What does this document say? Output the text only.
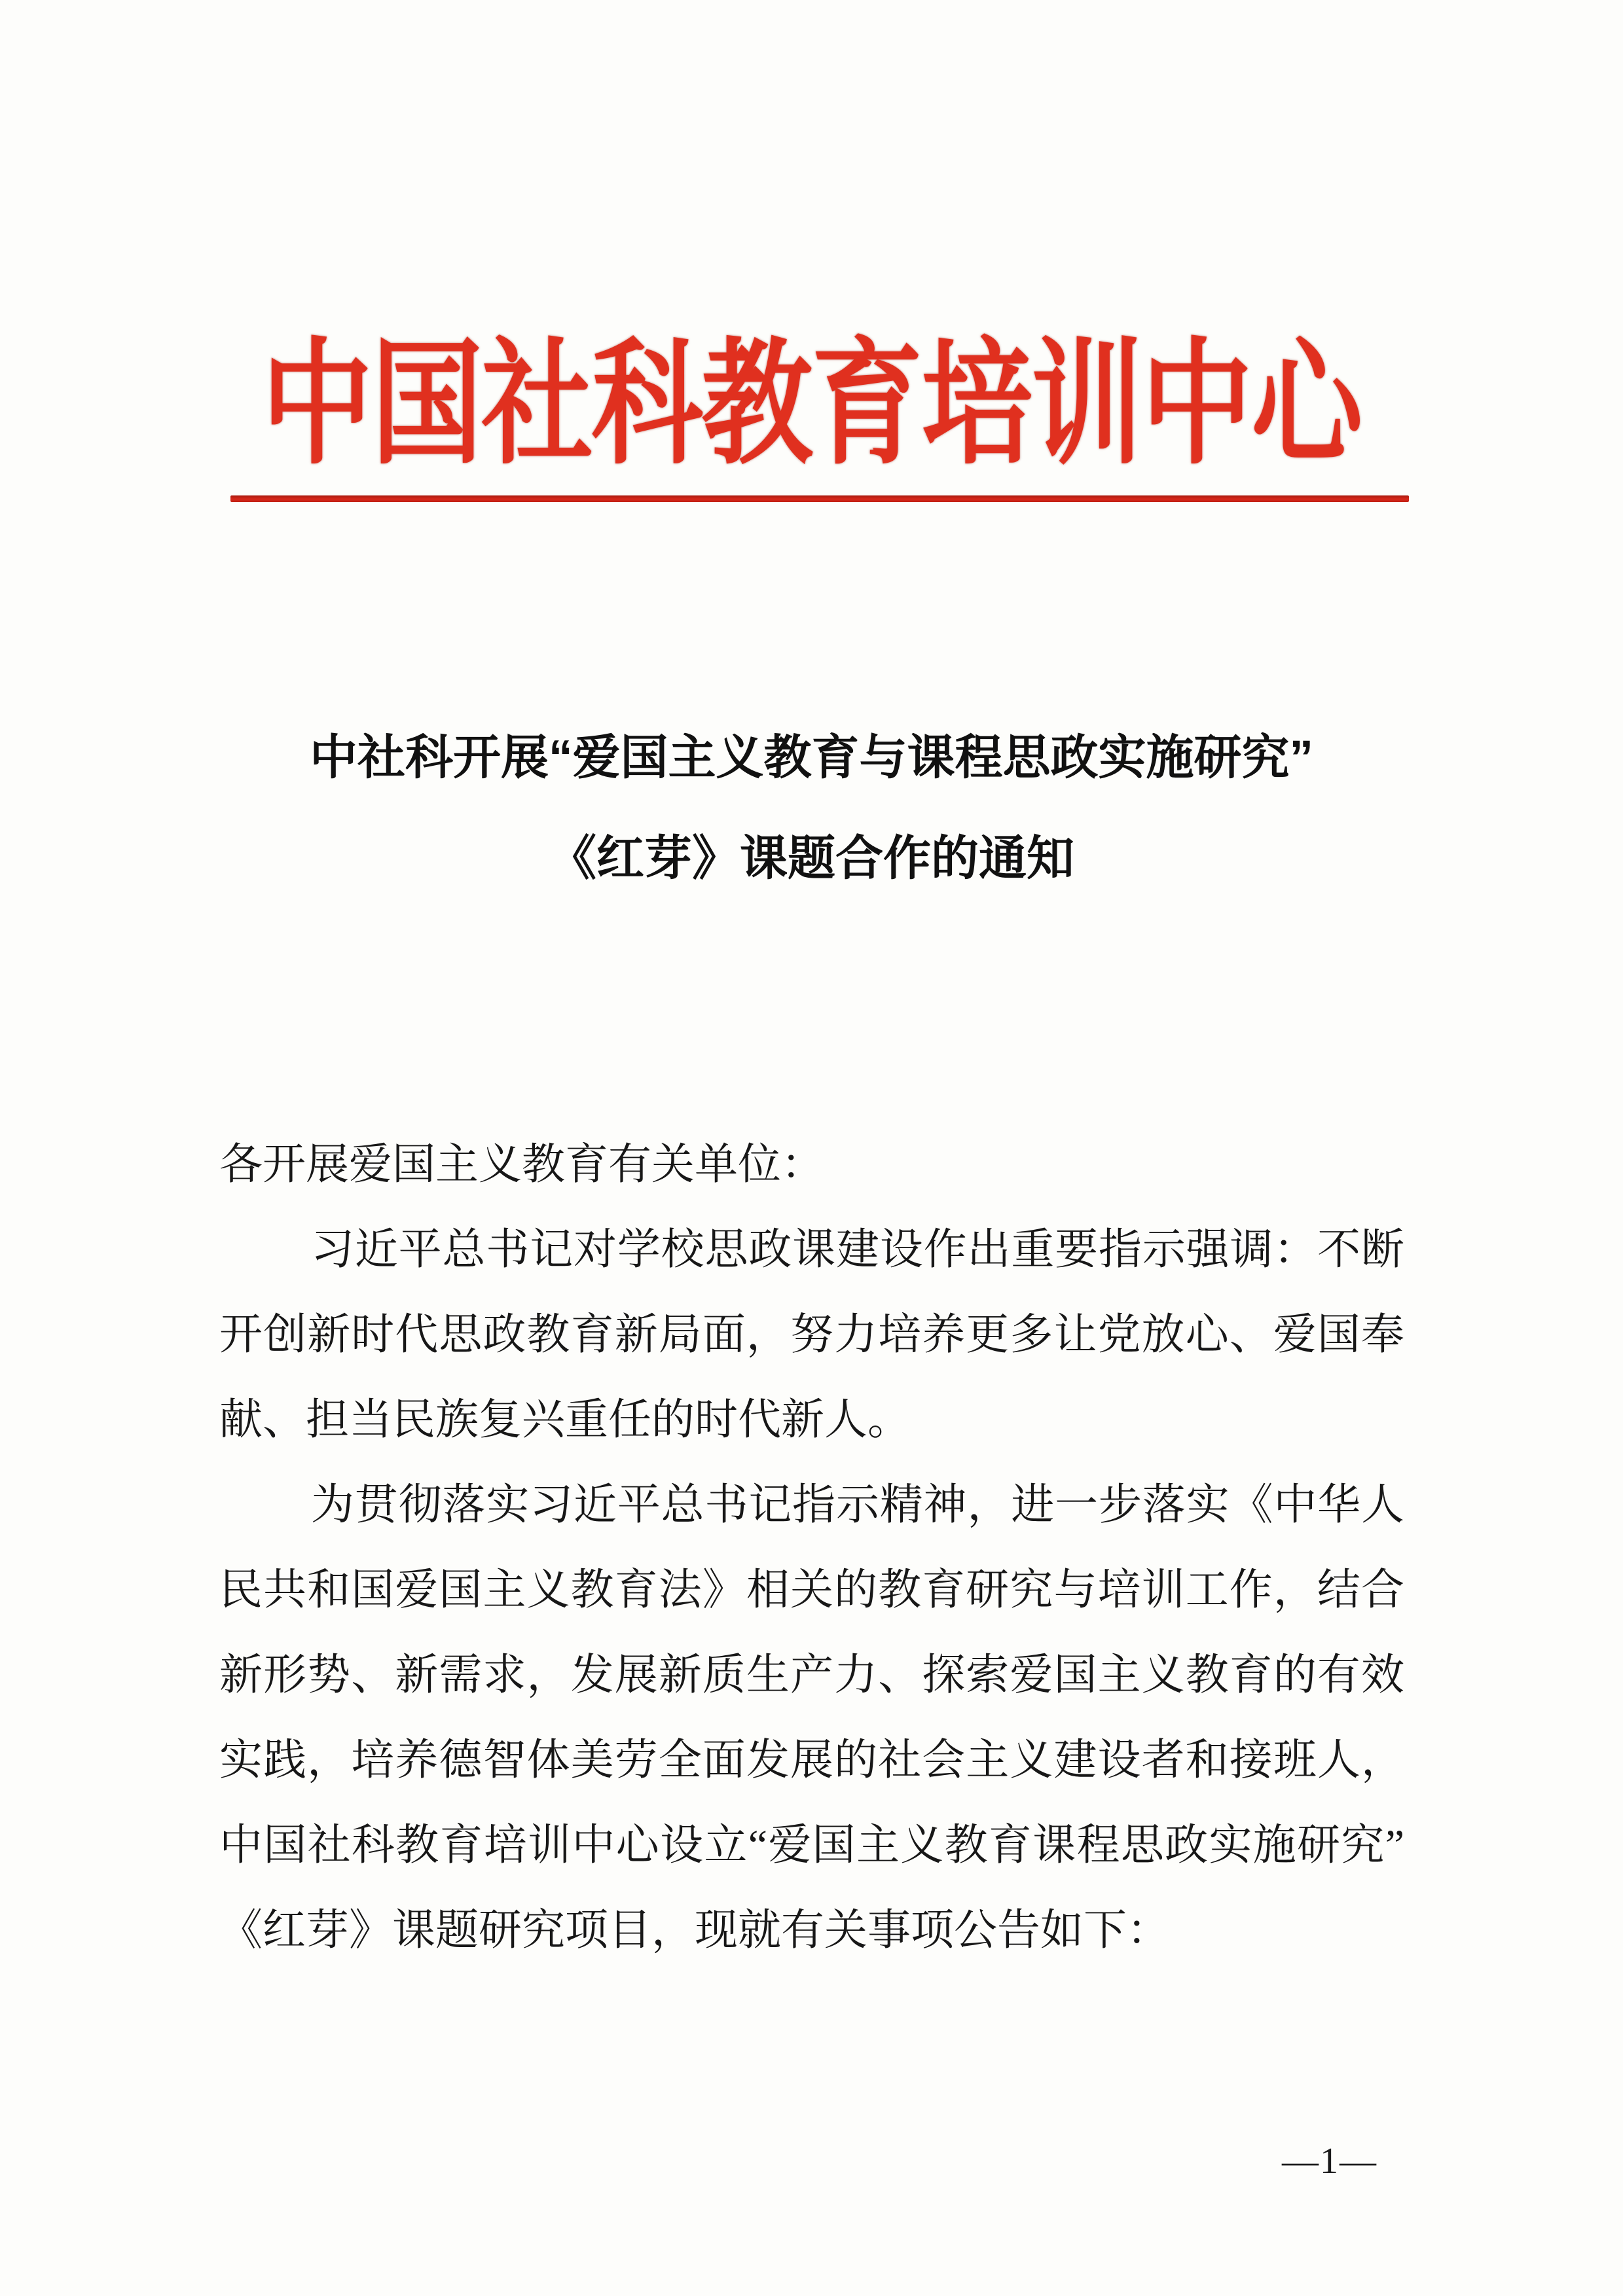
中国社科教育培训中心
中社科开展“爱国主义教育与课程思政实施研究”
《红芽》课题合作的通知
各开展爱国主义教育有关单位：
习近平总书记对学校思政课建设作出重要指示强调：不断
开创新时代思政教育新局面，努力培养更多让党放心、爱国奉
献、担当民族复兴重任的时代新人。
为贯彻落实习近平总书记指示精神，进一步落实《中华人
民共和国爱国主义教育法》相关的教育研究与培训工作，结合
新形势、新需求，发展新质生产力、探索爱国主义教育的有效
实践，培养德智体美劳全面发展的社会主义建设者和接班人，
中国社科教育培训中心设立“爱国主义教育课程思政实施研究”
《红芽》课题研究项目，现就有关事项公告如下：
—1—
